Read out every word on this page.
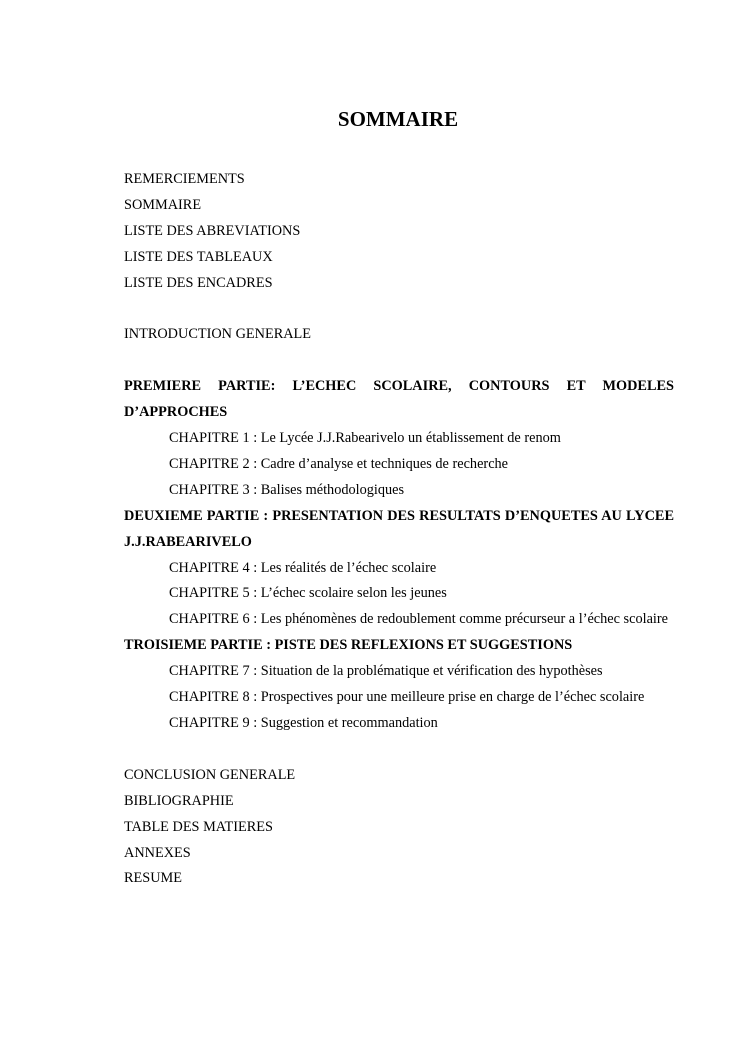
SOMMAIRE
REMERCIEMENTS
SOMMAIRE
LISTE DES ABREVIATIONS
LISTE DES TABLEAUX
LISTE DES ENCADRES
INTRODUCTION GENERALE
PREMIERE PARTIE: L’ECHEC SCOLAIRE, CONTOURS ET MODELES D’APPROCHES
CHAPITRE 1 : Le Lycée J.J.Rabearivelo un établissement de renom
CHAPITRE 2 : Cadre d’analyse et techniques de recherche
CHAPITRE 3 : Balises méthodologiques
DEUXIEME PARTIE : PRESENTATION DES RESULTATS D’ENQUETES AU LYCEE J.J.RABEARIVELO
CHAPITRE 4 : Les réalités de l’échec scolaire
CHAPITRE 5 : L’échec scolaire selon les jeunes
CHAPITRE 6 : Les phénomènes de redoublement comme précurseur a l’échec scolaire
TROISIEME PARTIE : PISTE DES REFLEXIONS ET SUGGESTIONS
CHAPITRE 7 : Situation de la problématique et vérification des hypothèses
CHAPITRE 8 : Prospectives pour une meilleure prise en charge de l’échec scolaire
CHAPITRE 9 : Suggestion et recommandation
CONCLUSION GENERALE
BIBLIOGRAPHIE
TABLE DES MATIERES
ANNEXES
RESUME
